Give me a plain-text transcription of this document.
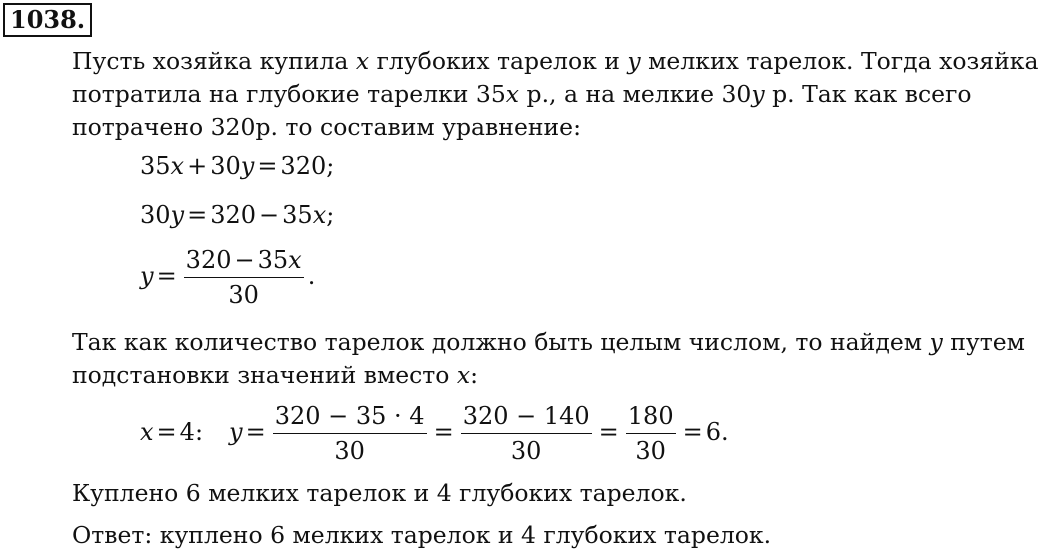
1038.
Пусть хозяйка купила x глубоких тарелок и y мелких тарелок. Тогда хозяйка
потратила на глубокие тарелки 35x р., а на мелкие 30y р. Так как всего
потрачено 320р. то составим уравнение:
35x + 30y = 320;
30y = 320 − 35x;
$y = \frac{320 - 35x}{30}$ .
Так как количество тарелок должно быть целым числом, то найдем y путем
подстановки значений вместо x:
x = 4: $y = \frac{320 - 35 \cdot 4}{30} = \frac{320 - 140}{30} = \frac{180}{30} = 6$.
Куплено 6 мелких тарелок и 4 глубоких тарелок.
Ответ: куплено 6 мелких тарелок и 4 глубоких тарелок.
